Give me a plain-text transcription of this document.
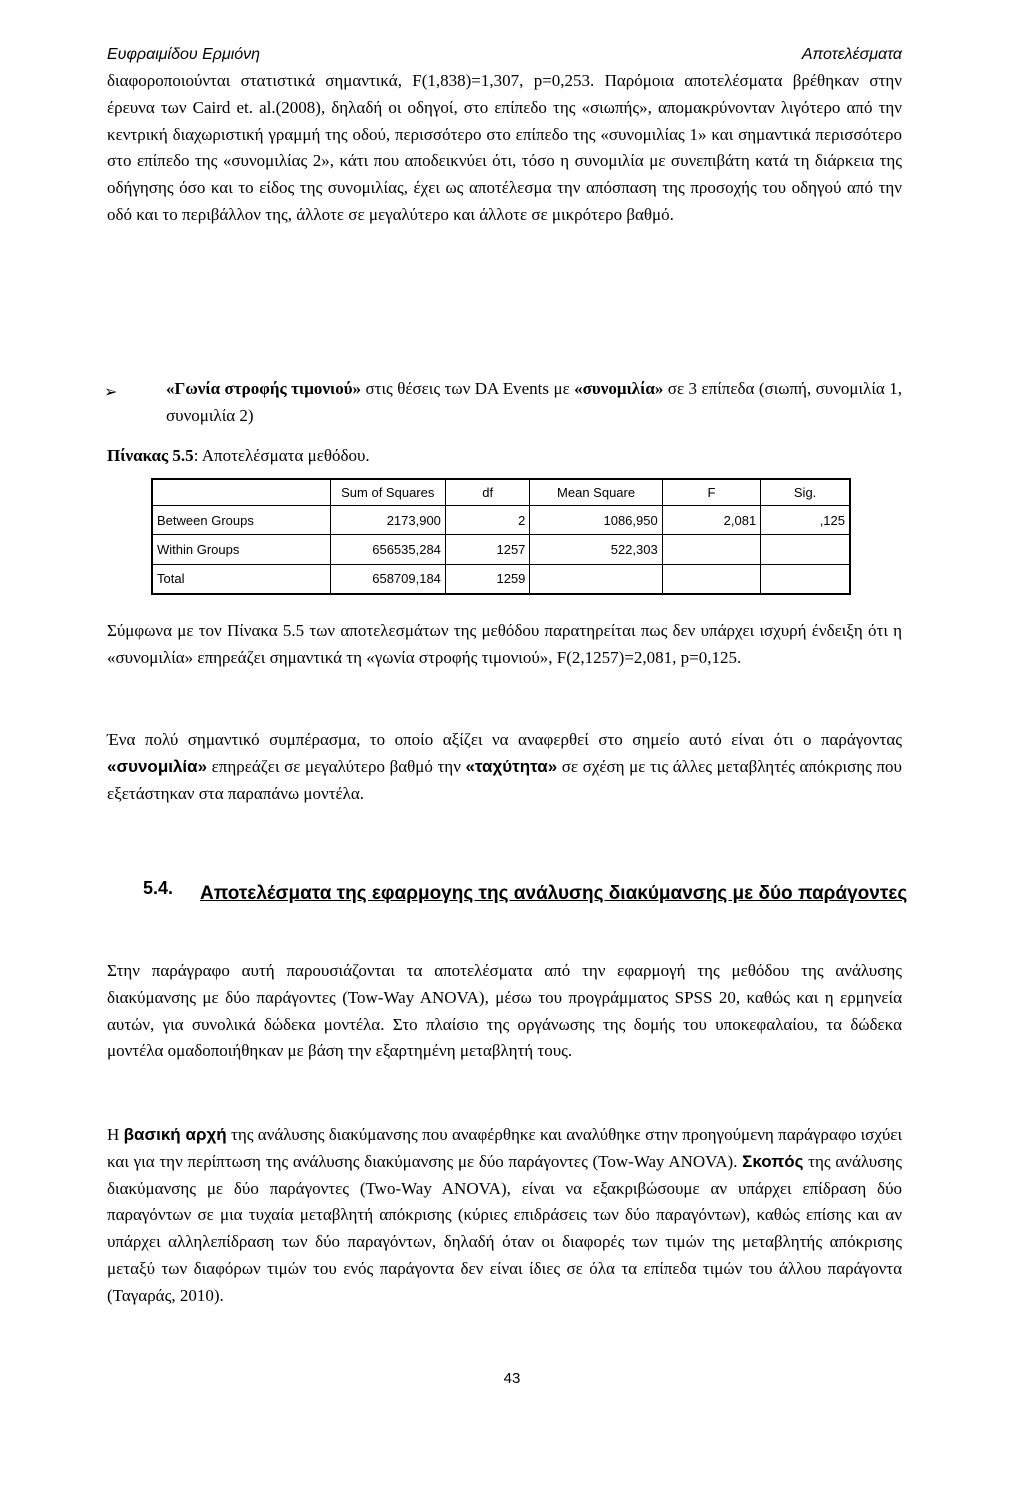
Ευφραιμίδου Ερμιόνη	Αποτελέσματα

διαφοροποιούνται στατιστικά σημαντικά, F(1,838)=1,307, p=0,253. Παρόμοια αποτελέσματα βρέθηκαν στην έρευνα των Caird et. al.(2008), δηλαδή οι οδηγοί, στο επίπεδο της «σιωπής», απομακρύνονταν λιγότερο από την κεντρική διαχωριστική γραμμή της οδού, περισσότερο στο επίπεδο της «συνομιλίας 1» και σημαντικά περισσότερο στο επίπεδο της «συνομιλίας 2», κάτι που αποδεικνύει ότι, τόσο η συνομιλία με συνεπιβάτη κατά τη διάρκεια της οδήγησης όσο και το είδος της συνομιλίας, έχει ως αποτέλεσμα την απόσπαση της προσοχής του οδηγού από την οδό και το περιβάλλον της, άλλοτε σε μεγαλύτερο και άλλοτε σε μικρότερο βαθμό.

➢	«Γωνία στροφής τιμονιού» στις θέσεις των DA Events με «συνομιλία» σε 3 επίπεδα (σιωπή, συνομιλία 1, συνομιλία 2)

Πίνακας 5.5: Αποτελέσματα μεθόδου.
	Sum of Squares	df	Mean Square	F	Sig.
Between Groups	2173,900	2	1086,950	2,081	,125
Within Groups	656535,284	1257	522,303		
Total	658709,184	1259			

Σύμφωνα με τον Πίνακα 5.5 των αποτελεσμάτων της μεθόδου παρατηρείται πως δεν υπάρχει ισχυρή ένδειξη ότι η «συνομιλία» επηρεάζει σημαντικά τη «γωνία στροφής τιμονιού», F(2,1257)=2,081, p=0,125.

Ένα πολύ σημαντικό συμπέρασμα, το οποίο αξίζει να αναφερθεί στο σημείο αυτό είναι ότι ο παράγοντας «συνομιλία» επηρεάζει σε μεγαλύτερο βαθμό την «ταχύτητα» σε σχέση με τις άλλες μεταβλητές απόκρισης που εξετάστηκαν στα παραπάνω μοντέλα.

5.4. Αποτελέσματα της εφαρμογης της ανάλυσης διακύμανσης με δύο παράγοντες

Στην παράγραφο αυτή παρουσιάζονται τα αποτελέσματα από την εφαρμογή της μεθόδου της ανάλυσης διακύμανσης με δύο παράγοντες (Tow-Way ANOVA), μέσω του προγράμματος SPSS 20, καθώς και η ερμηνεία αυτών, για συνολικά δώδεκα μοντέλα. Στο πλαίσιο της οργάνωσης της δομής του υποκεφαλαίου, τα δώδεκα μοντέλα ομαδοποιήθηκαν με βάση την εξαρτημένη μεταβλητή τους.

Η βασική αρχή της ανάλυσης διακύμανσης που αναφέρθηκε και αναλύθηκε στην προηγούμενη παράγραφο ισχύει και για την περίπτωση της ανάλυσης διακύμανσης με δύο παράγοντες (Tow-Way ANOVA). Σκοπός της ανάλυσης διακύμανσης με δύο παράγοντες (Two-Way ANOVA), είναι να εξακριβώσουμε αν υπάρχει επίδραση δύο παραγόντων σε μια τυχαία μεταβλητή απόκρισης (κύριες επιδράσεις των δύο παραγόντων), καθώς επίσης και αν υπάρχει αλληλεπίδραση των δύο παραγόντων, δηλαδή όταν οι διαφορές των τιμών της μεταβλητής απόκρισης μεταξύ των διαφόρων τιμών του ενός παράγοντα δεν είναι ίδιες σε όλα τα επίπεδα τιμών του άλλου παράγοντα (Ταγαράς, 2010).

43
